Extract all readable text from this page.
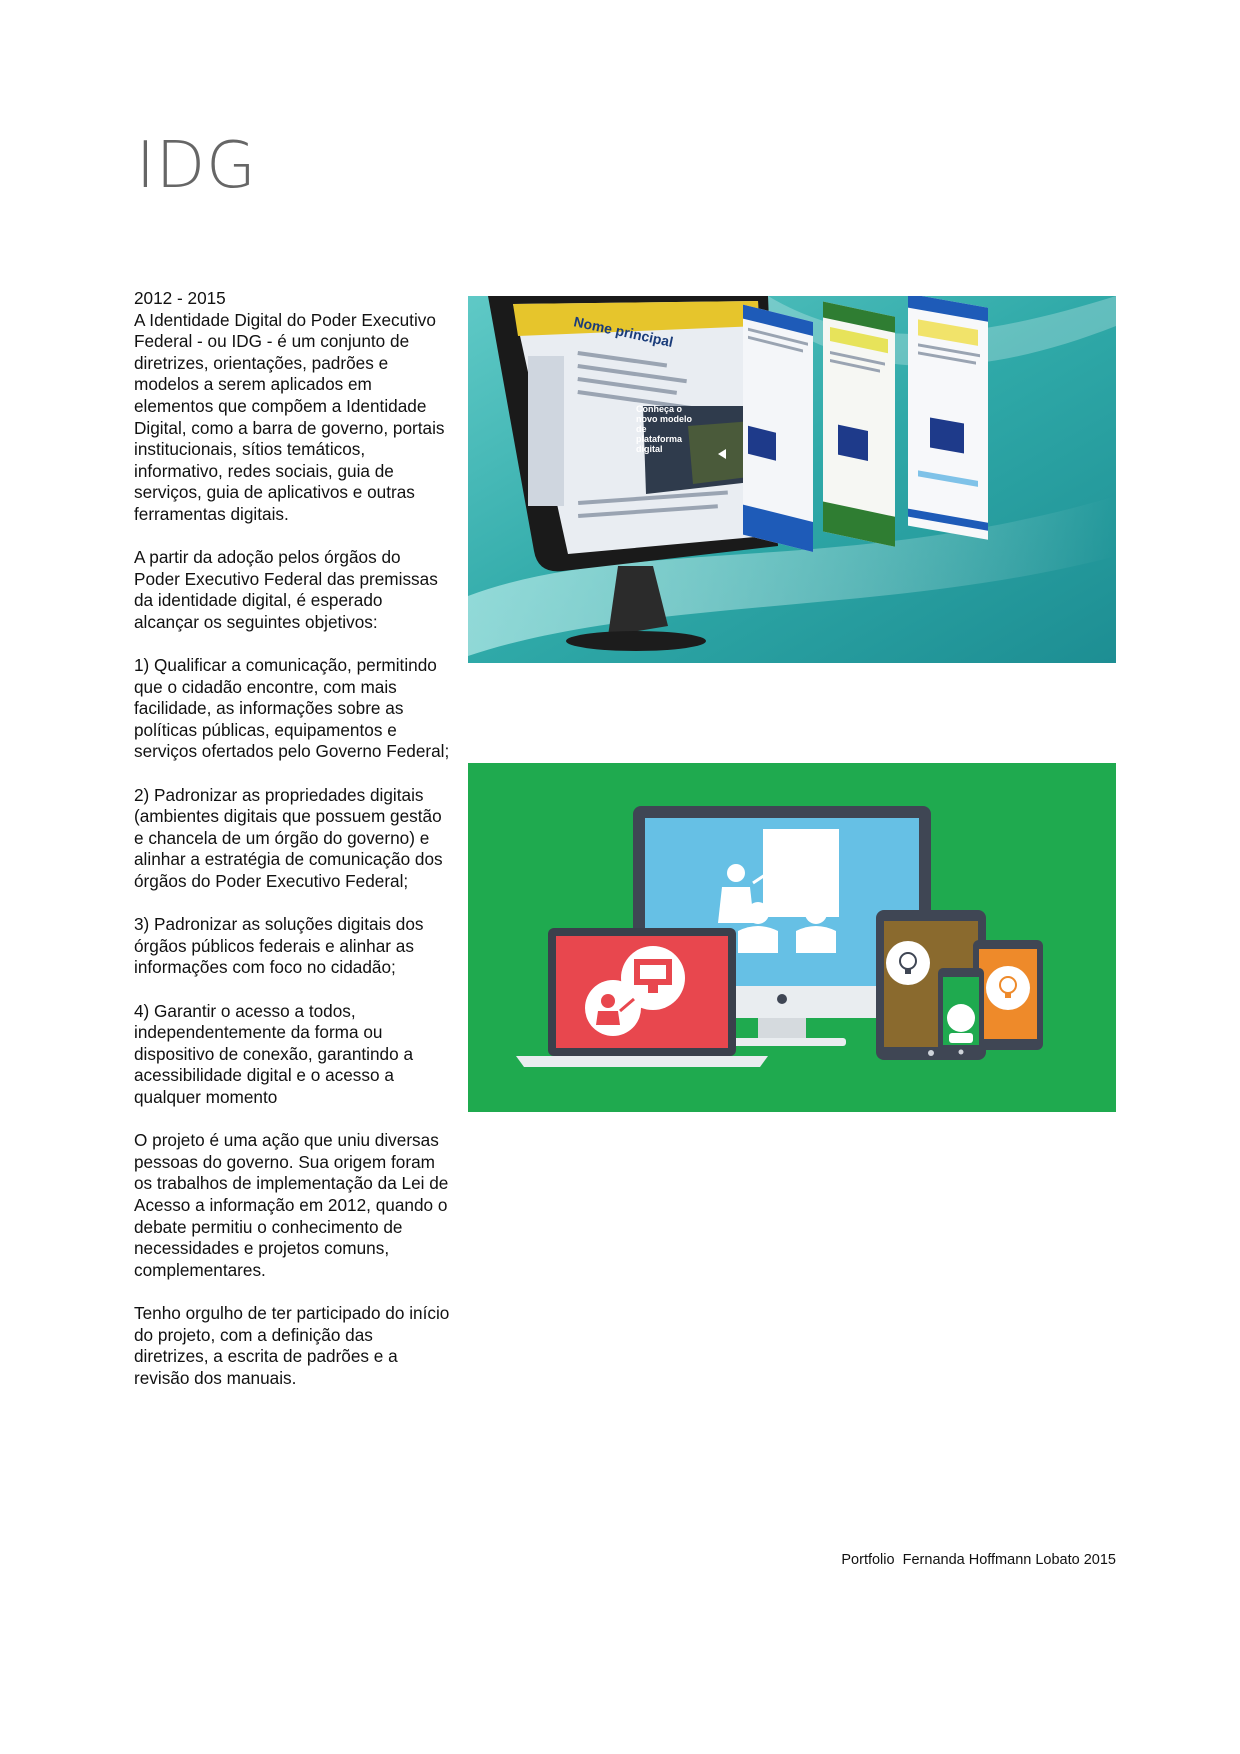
IDG

2012 - 2015

A Identidade Digital do Poder Executivo Federal - ou IDG - é um conjunto de diretrizes, orientações, padrões e modelos a serem aplicados em elementos que compõem a Identidade Digital, como a barra de governo, portais institucionais, sítios temáticos, informativo, redes sociais, guia de serviços, guia de aplicativos e outras ferramentas digitais.

A partir da adoção pelos órgãos do Poder Executivo Federal das premissas da identidade digital, é esperado alcançar os seguintes objetivos:

1) Qualificar a comunicação, permitindo que o cidadão encontre, com mais facilidade, as informações sobre as políticas públicas, equipamentos e serviços ofertados pelo Governo Federal;

2) Padronizar as propriedades digitais (ambientes digitais que possuem gestão e chancela de um órgão do governo) e alinhar a estratégia de comunicação dos órgãos do Poder Executivo Federal;

3) Padronizar as soluções digitais dos órgãos públicos federais e alinhar as informações com foco no cidadão;

4) Garantir o acesso a todos, independentemente da forma ou dispositivo de conexão, garantindo a acessibilidade digital e o acesso a qualquer momento

O projeto é uma ação que uniu diversas pessoas do governo. Sua origem foram os trabalhos de implementação da Lei de Acesso a informação em 2012, quando o debate permitiu o conhecimento de necessidades e projetos comuns, complementares.

Tenho orgulho de ter participado do início do projeto, com a definição das diretrizes, a escrita de padrões e a revisão dos manuais.

Nome principal
Conheça o novo modelo de plataforma digital
Portfolio  Fernanda Hoffmann Lobato 2015
